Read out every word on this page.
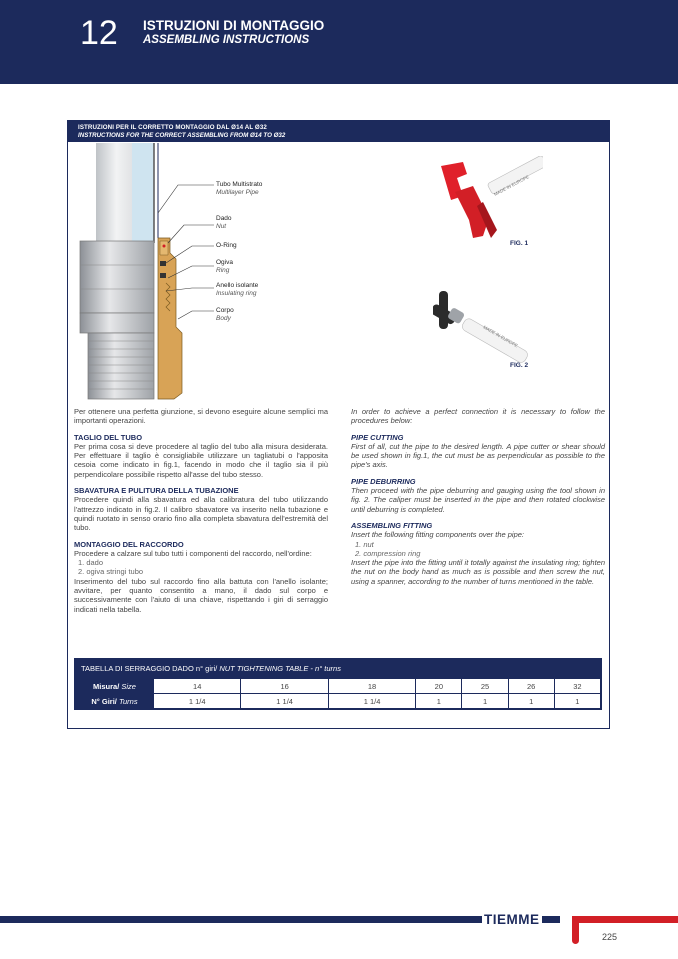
12 ISTRUZIONI DI MONTAGGIO
ASSEMBLING INSTRUCTIONS
ISTRUZIONI PER IL CORRETTO MONTAGGIO DAL Ø14 AL Ø32
INSTRUCTIONS FOR THE CORRECT ASSEMBLING FROM Ø14 TO Ø32
Tubo Multistrato
Multilayer Pipe
Dado
Nut
O-Ring
Ogiva
Ring
Anello isolante
Insulating ring
Corpo
Body
MADE IN EUROPE
FIG. 1
MADE IN EUROPE
FIG. 2

Per ottenere una perfetta giunzione, si devono eseguire alcune semplici ma importanti operazioni.

TAGLIO DEL TUBO

Per prima cosa si deve procedere al taglio del tubo alla misura desiderata. Per effettuare il taglio è consigliabile utilizzare un tagliatubi o l'apposita cesoia come indicato in fig.1, facendo in modo che il taglio sia il più perpendicolare possibile rispetto all'asse del tubo stesso.

SBAVATURA E PULITURA DELLA TUBAZIONE

Procedere quindi alla sbavatura ed alla calibratura del tubo utilizzando l'attrezzo indicato in fig.2. Il calibro sbavatore va inserito nella tubazione e quindi ruotato in senso orario fino alla completa sbavatura dell'estremità del tubo.

MONTAGGIO DEL RACCORDO
Procedere a calzare sul tubo tutti i componenti del raccordo, nell'ordine:
1. dado
2. ogiva stringi tubo
Inserimento del tubo sul raccordo fino alla battuta con l'anello isolante; avvitare, per quanto consentito a mano, il dado sul corpo e successivamente con l'aiuto di una chiave, rispettando i giri di serraggio indicati nella tabella.

In order to achieve a perfect connection it is necessary to follow the procedures below:

PIPE CUTTING

First of all, cut the pipe to the desired length. A pipe cutter or shear should be used shown in fig.1, the cut must be as perpendicular as possible to the pipe's axis.

PIPE DEBURRING

Then proceed with the pipe deburring and gauging using the tool shown in fig. 2. The caliper must be inserted in the pipe and then rotated clockwise until deburring is completed.

ASSEMBLING FITTING
Insert the following fitting components over the pipe:
1. nut
2. compression ring
Insert the pipe into the fitting until it totally against the insulating ring; tighten the nut on the body hand as much as is possible and then screw the nut, using a spanner, according to the number of turns mentioned in the table.
TABELLA DI SERRAGGIO DADO n° giri/ NUT TIGHTENING TABLE - n° turns
Misura/ Size	14	16	18	20	25	26	32
N° Giri/ Turns	1 1/4	1 1/4	1 1/4	1	1	1	1
TIEMME
225
